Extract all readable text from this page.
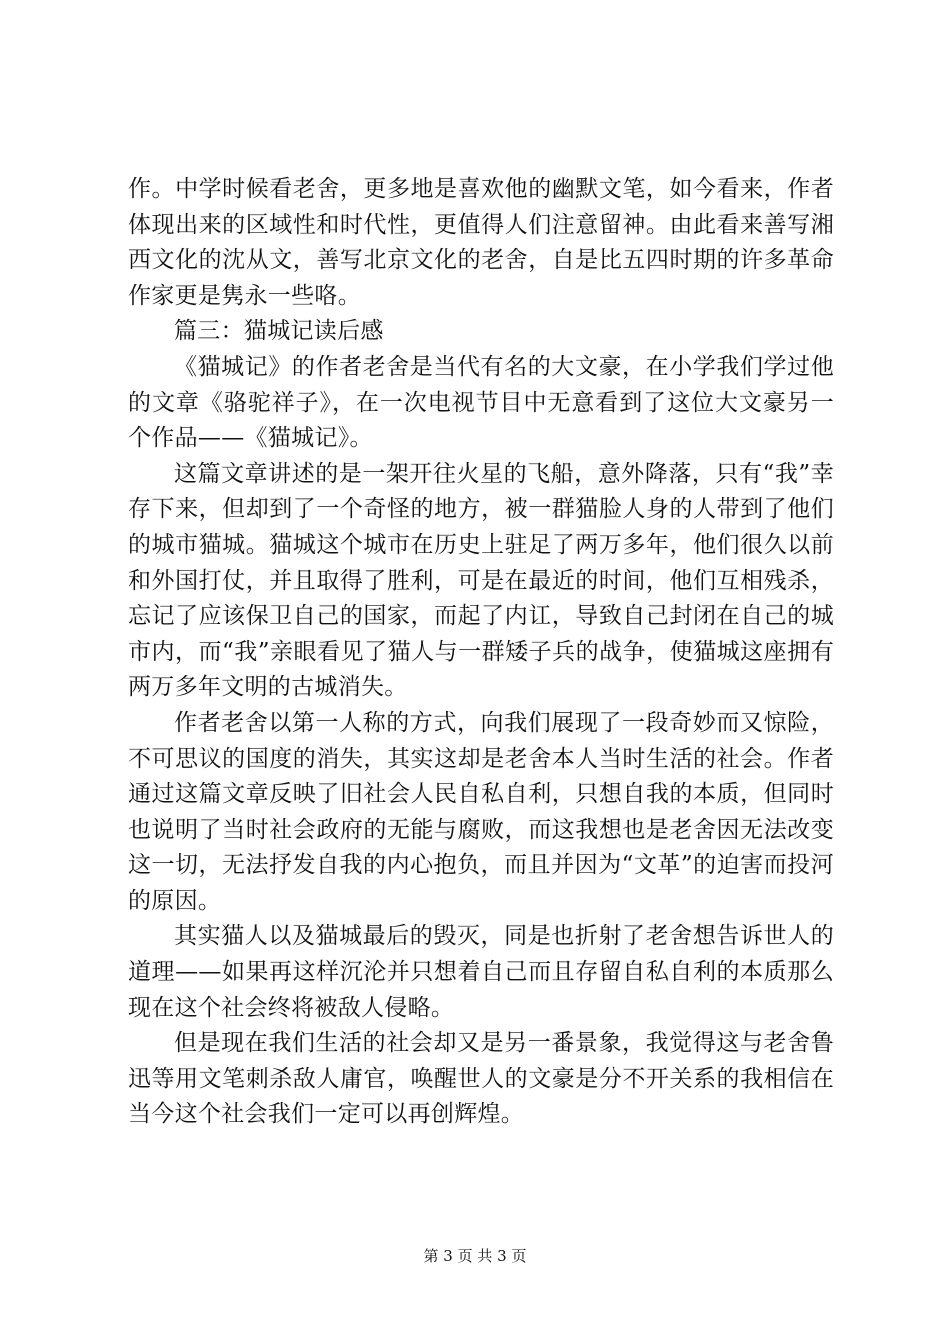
作。中学时候看老舍，更多地是喜欢他的幽默文笔，如今看来，作者体现出来的区域性和时代性，更值得人们注意留神。由此看来善写湘西文化的沈从文，善写北京文化的老舍，自是比五四时期的许多革命作家更是隽永一些咯。

篇三：猫城记读后感

《猫城记》的作者老舍是当代有名的大文豪，在小学我们学过他的文章《骆驼祥子》，在一次电视节目中无意看到了这位大文豪另一个作品——《猫城记》。

这篇文章讲述的是一架开往火星的飞船，意外降落，只有“我”幸存下来，但却到了一个奇怪的地方，被一群猫脸人身的人带到了他们的城市猫城。猫城这个城市在历史上驻足了两万多年，他们很久以前和外国打仗，并且取得了胜利，可是在最近的时间，他们互相残杀，忘记了应该保卫自己的国家，而起了内讧，导致自己封闭在自己的城市内，而“我”亲眼看见了猫人与一群矮子兵的战争，使猫城这座拥有两万多年文明的古城消失。

作者老舍以第一人称的方式，向我们展现了一段奇妙而又惊险，不可思议的国度的消失，其实这却是老舍本人当时生活的社会。作者通过这篇文章反映了旧社会人民自私自利，只想自我的本质，但同时也说明了当时社会政府的无能与腐败，而这我想也是老舍因无法改变这一切，无法抒发自我的内心抱负，而且并因为“文革”的迫害而投河的原因。

其实猫人以及猫城最后的毁灭，同是也折射了老舍想告诉世人的道理——如果再这样沉沦并只想着自己而且存留自私自利的本质那么现在这个社会终将被敌人侵略。

但是现在我们生活的社会却又是另一番景象，我觉得这与老舍鲁迅等用文笔刺杀敌人庸官，唤醒世人的文豪是分不开关系的我相信在当今这个社会我们一定可以再创辉煌。

第 3 页 共 3 页
